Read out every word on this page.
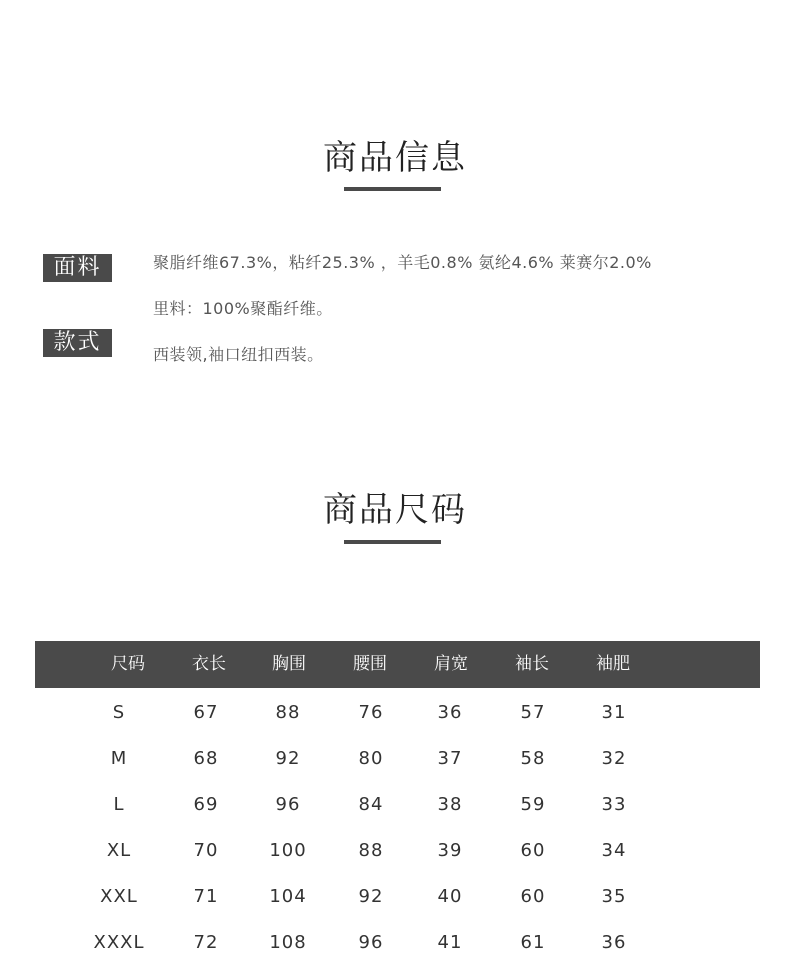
商品信息
面料	聚脂纤维67.3%，粘纤25.3% ，羊毛0.8% 氨纶4.6% 莱赛尔2.0%
里料：100%聚酯纤维。
款式	西装领,袖口纽扣西装。
商品尺码
尺码	衣长	胸围	腰围	肩宽	袖长	袖肥
S	67	88	76	36	57	31
M	68	92	80	37	58	32
L	69	96	84	38	59	33
XL	70	100	88	39	60	34
XXL	71	104	92	40	60	35
XXXL	72	108	96	41	61	36
